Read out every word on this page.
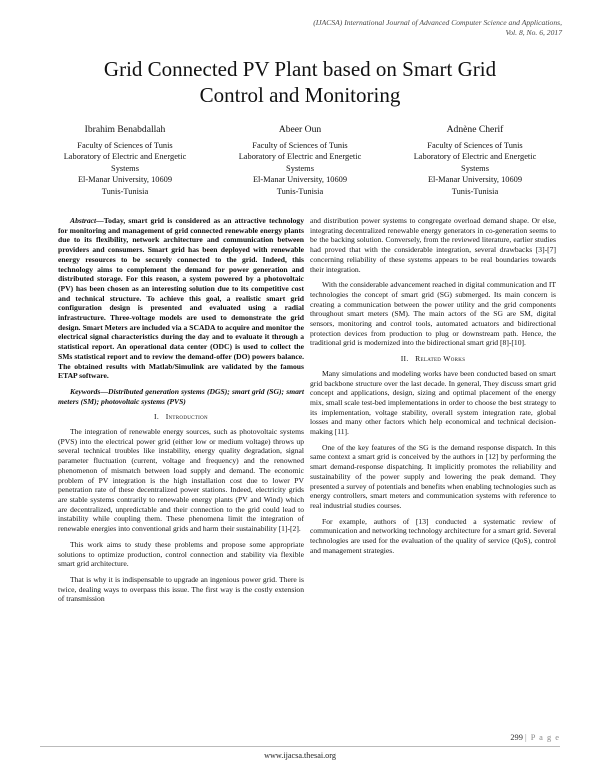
(IJACSA) International Journal of Advanced Computer Science and Applications,
Vol. 8, No. 6, 2017
Grid Connected PV Plant based on Smart Grid
Control and Monitoring
Ibrahim Benabdallah
Faculty of Sciences of Tunis
Laboratory of Electric and Energetic
Systems
El-Manar University, 10609
Tunis-Tunisia
Abeer Oun
Faculty of Sciences of Tunis
Laboratory of Electric and Energetic
Systems
El-Manar University, 10609
Tunis-Tunisia
Adnène Cherif
Faculty of Sciences of Tunis
Laboratory of Electric and Energetic
Systems
El-Manar University, 10609
Tunis-Tunisia

Abstract—Today, smart grid is considered as an attractive technology for monitoring and management of grid connected renewable energy plants due to its flexibility, network architecture and communication between providers and consumers. Smart grid has been deployed with renewable energy resources to be securely connected to the grid. Indeed, this technology aims to complement the demand for power generation and distributed storage. For this reason, a system powered by a photovoltaic (PV) has been chosen as an interesting solution due to its competitive cost and technical structure. To achieve this goal, a realistic smart grid configuration design is presented and evaluated using a radial infrastructure. Three-voltage models are used to demonstrate the grid design. Smart Meters are included via a SCADA to acquire and monitor the electrical signal characteristics during the day and to evaluate it through a statistical report. An operational data center (ODC) is used to collect the SMs statistical report and to review the demand-offer (DO) powers balance. The obtained results with Matlab/Simulink are validated by the famous ETAP software.

Keywords—Distributed generation systems (DGS); smart grid (SG); smart meters (SM); photovoltaic systems (PVS)

I. Introduction

The integration of renewable energy sources, such as photovoltaic systems (PVS) into the electrical power grid (either low or medium voltage) throws up several technical troubles like instability, energy quality degradation, signal parameter fluctuation (current, voltage and frequency) and the renowned phenomenon of mismatch between load supply and demand. The economic problem of PV integration is the high installation cost due to lower PV penetration rate of these decentralized power stations. Indeed, electricity grids are stable systems contrarily to renewable energy plants (PV and Wind) which are decentralized, unpredictable and their connection to the grid could lead to instability while coupling them. These phenomena limit the integration of renewable energies into conventional grids and harm their sustainability [1]-[2].

This work aims to study these problems and propose some appropriate solutions to optimize production, control connection and stability via flexible smart grid architecture.

That is why it is indispensable to upgrade an ingenious power grid. There is twice, dealing ways to overpass this issue. The first way is the costly extension of transmission

and distribution power systems to congregate overload demand shape. Or else, integrating decentralized renewable energy generators in co-generation seems to be the backing solution. Conversely, from the reviewed literature, earlier studies had proved that with the considerable integration, several drawbacks [3]-[7] concerning reliability of these systems appears to be real boundaries towards their integration.

With the considerable advancement reached in digital communication and IT technologies the concept of smart grid (SG) submerged. Its main concern is creating a communication between the power utility and the grid components throughout smart meters (SM). The main actors of the SG are SM, digital sensors, monitoring and control tools, automated actuators and bidirectional protection devices from production to plug or downstream path. Hence, the traditional grid is modernized into the bidirectional smart grid [8]-[10].

II. Related Works

Many simulations and modeling works have been conducted based on smart grid backbone structure over the last decade. In general, They discuss smart grid concept and applications, design, sizing and optimal placement of the energy mix, small scale test-bed implementations in order to choose the best strategy to its implementation, voltage stability, overall system integration rate, global losses and many other factors which help economical and technical decision-making [11].

One of the key features of the SG is the demand response dispatch. In this same context a smart grid is conceived by the authors in [12] by performing the smart demand-response dispatching. It implicitly promotes the reliability and sustainability of the power supply and lowering the peak demand. They presented a survey of potentials and benefits when enabling technologies such as energy controllers, smart meters and communication systems with reference to real industrial studies courses.

For example, authors of [13] conducted a systematic review of communication and networking technology architecture for a smart grid. Several technologies are used for the evaluation of the quality of service (QoS), control and management strategies.

299 | P a g e
www.ijacsa.thesai.org
